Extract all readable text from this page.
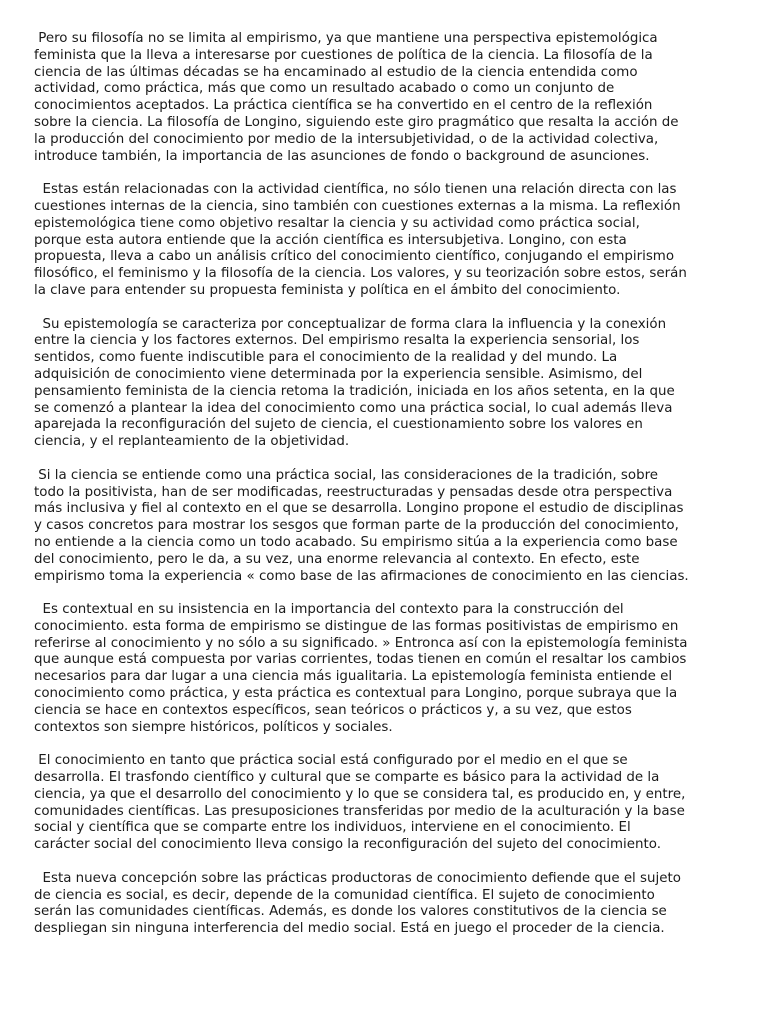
Pero su filosofía no se limita al empirismo, ya que mantiene una perspectiva epistemológica
feminista que la lleva a interesarse por cuestiones de política de la ciencia. La filosofía de la
ciencia de las últimas décadas se ha encaminado al estudio de la ciencia entendida como
actividad, como práctica, más que como un resultado acabado o como un conjunto de
conocimientos aceptados. La práctica científica se ha convertido en el centro de la reflexión
sobre la ciencia. La filosofía de Longino, siguiendo este giro pragmático que resalta la acción de
la producción del conocimiento por medio de la intersubjetividad, o de la actividad colectiva,
introduce también, la importancia de las asunciones de fondo o background de asunciones.
Estas están relacionadas con la actividad científica, no sólo tienen una relación directa con las
cuestiones internas de la ciencia, sino también con cuestiones externas a la misma. La reflexión
epistemológica tiene como objetivo resaltar la ciencia y su actividad como práctica social,
porque esta autora entiende que la acción científica es intersubjetiva. Longino, con esta
propuesta, lleva a cabo un análisis crítico del conocimiento científico, conjugando el empirismo
filosófico, el feminismo y la filosofía de la ciencia. Los valores, y su teorización sobre estos, serán
la clave para entender su propuesta feminista y política en el ámbito del conocimiento.
Su epistemología se caracteriza por conceptualizar de forma clara la influencia y la conexión
entre la ciencia y los factores externos. Del empirismo resalta la experiencia sensorial, los
sentidos, como fuente indiscutible para el conocimiento de la realidad y del mundo. La
adquisición de conocimiento viene determinada por la experiencia sensible. Asimismo, del
pensamiento feminista de la ciencia retoma la tradición, iniciada en los años setenta, en la que
se comenzó a plantear la idea del conocimiento como una práctica social, lo cual además lleva
aparejada la reconfiguración del sujeto de ciencia, el cuestionamiento sobre los valores en
ciencia, y el replanteamiento de la objetividad.
Si la ciencia se entiende como una práctica social, las consideraciones de la tradición, sobre
todo la positivista, han de ser modificadas, reestructuradas y pensadas desde otra perspectiva
más inclusiva y fiel al contexto en el que se desarrolla. Longino propone el estudio de disciplinas
y casos concretos para mostrar los sesgos que forman parte de la producción del conocimiento,
no entiende a la ciencia como un todo acabado. Su empirismo sitúa a la experiencia como base
del conocimiento, pero le da, a su vez, una enorme relevancia al contexto. En efecto, este
empirismo toma la experiencia « como base de las afirmaciones de conocimiento en las ciencias.
Es contextual en su insistencia en la importancia del contexto para la construcción del
conocimiento. esta forma de empirismo se distingue de las formas positivistas de empirismo en
referirse al conocimiento y no sólo a su significado. » Entronca así con la epistemología feminista
que aunque está compuesta por varias corrientes, todas tienen en común el resaltar los cambios
necesarios para dar lugar a una ciencia más igualitaria. La epistemología feminista entiende el
conocimiento como práctica, y esta práctica es contextual para Longino, porque subraya que la
ciencia se hace en contextos específicos, sean teóricos o prácticos y, a su vez, que estos
contextos son siempre históricos, políticos y sociales.
El conocimiento en tanto que práctica social está configurado por el medio en el que se
desarrolla. El trasfondo científico y cultural que se comparte es básico para la actividad de la
ciencia, ya que el desarrollo del conocimiento y lo que se considera tal, es producido en, y entre,
comunidades científicas. Las presuposiciones transferidas por medio de la aculturación y la base
social y científica que se comparte entre los individuos, interviene en el conocimiento. El
carácter social del conocimiento lleva consigo la reconfiguración del sujeto del conocimiento.
Esta nueva concepción sobre las prácticas productoras de conocimiento defiende que el sujeto
de ciencia es social, es decir, depende de la comunidad científica. El sujeto de conocimiento
serán las comunidades científicas. Además, es donde los valores constitutivos de la ciencia se
despliegan sin ninguna interferencia del medio social. Está en juego el proceder de la ciencia.
